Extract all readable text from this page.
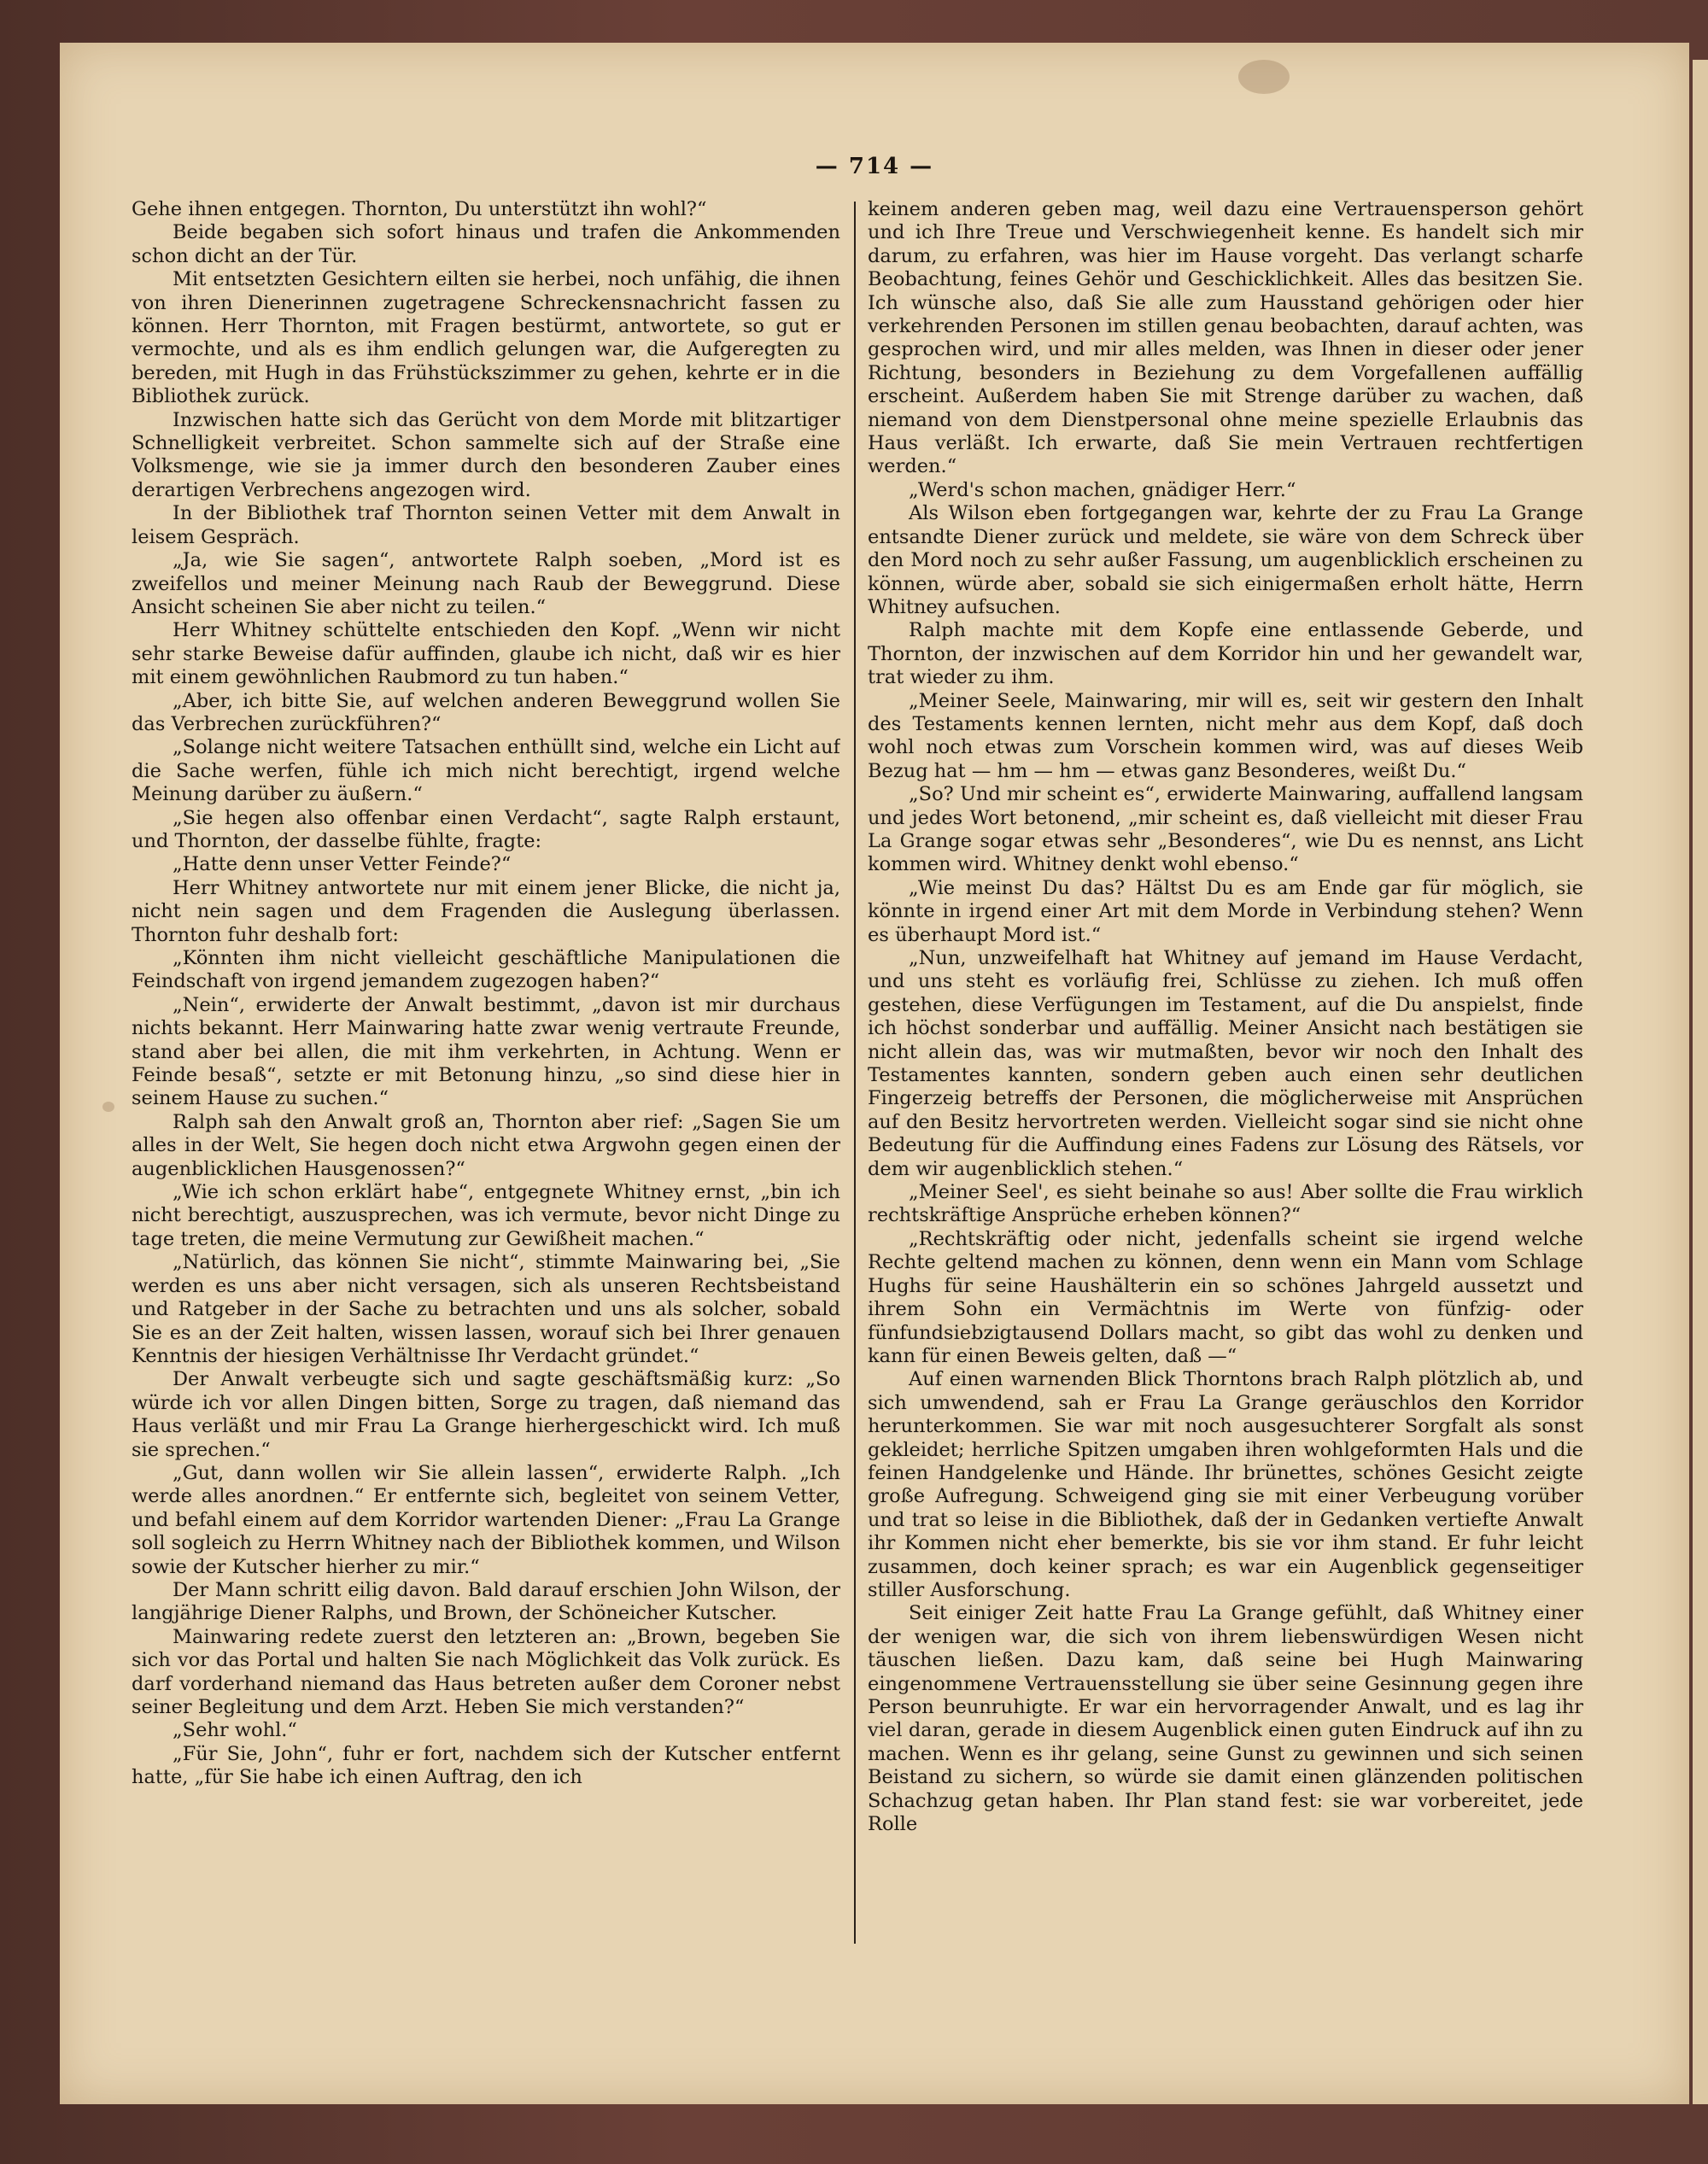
— 714 —

Gehe ihnen entgegen. Thornton, Du unterstützt ihn wohl?“

Beide begaben sich sofort hinaus und trafen die Ankommenden schon dicht an der Tür.

Mit entsetzten Gesichtern eilten sie herbei, noch unfähig, die ihnen von ihren Dienerinnen zugetragene Schreckensnachricht fassen zu können. Herr Thornton, mit Fragen bestürmt, antwortete, so gut er vermochte, und als es ihm endlich gelungen war, die Aufgeregten zu bereden, mit Hugh in das Frühstückszimmer zu gehen, kehrte er in die Bibliothek zurück.

Inzwischen hatte sich das Gerücht von dem Morde mit blitzartiger Schnelligkeit verbreitet. Schon sammelte sich auf der Straße eine Volksmenge, wie sie ja immer durch den besonderen Zauber eines derartigen Verbrechens angezogen wird.

In der Bibliothek traf Thornton seinen Vetter mit dem Anwalt in leisem Gespräch.

„Ja, wie Sie sagen“, antwortete Ralph soeben, „Mord ist es zweifellos und meiner Meinung nach Raub der Beweggrund. Diese Ansicht scheinen Sie aber nicht zu teilen.“

Herr Whitney schüttelte entschieden den Kopf. „Wenn wir nicht sehr starke Beweise dafür auffinden, glaube ich nicht, daß wir es hier mit einem gewöhnlichen Raubmord zu tun haben.“

„Aber, ich bitte Sie, auf welchen anderen Beweggrund wollen Sie das Verbrechen zurückführen?“

„Solange nicht weitere Tatsachen enthüllt sind, welche ein Licht auf die Sache werfen, fühle ich mich nicht berechtigt, irgend welche Meinung darüber zu äußern.“

„Sie hegen also offenbar einen Verdacht“, sagte Ralph erstaunt, und Thornton, der dasselbe fühlte, fragte:

„Hatte denn unser Vetter Feinde?“

Herr Whitney antwortete nur mit einem jener Blicke, die nicht ja, nicht nein sagen und dem Fragenden die Auslegung überlassen. Thornton fuhr deshalb fort:

„Könnten ihm nicht vielleicht geschäftliche Manipulationen die Feindschaft von irgend jemandem zugezogen haben?“

„Nein“, erwiderte der Anwalt bestimmt, „davon ist mir durchaus nichts bekannt. Herr Mainwaring hatte zwar wenig vertraute Freunde, stand aber bei allen, die mit ihm verkehrten, in Achtung. Wenn er Feinde besaß“, setzte er mit Betonung hinzu, „so sind diese hier in seinem Hause zu suchen.“

Ralph sah den Anwalt groß an, Thornton aber rief: „Sagen Sie um alles in der Welt, Sie hegen doch nicht etwa Argwohn gegen einen der augenblicklichen Hausgenossen?“

„Wie ich schon erklärt habe“, entgegnete Whitney ernst, „bin ich nicht berechtigt, auszusprechen, was ich vermute, bevor nicht Dinge zu tage treten, die meine Vermutung zur Gewißheit machen.“

„Natürlich, das können Sie nicht“, stimmte Mainwaring bei, „Sie werden es uns aber nicht versagen, sich als unseren Rechtsbeistand und Ratgeber in der Sache zu betrachten und uns als solcher, sobald Sie es an der Zeit halten, wissen lassen, worauf sich bei Ihrer genauen Kenntnis der hiesigen Verhältnisse Ihr Verdacht gründet.“

Der Anwalt verbeugte sich und sagte geschäftsmäßig kurz: „So würde ich vor allen Dingen bitten, Sorge zu tragen, daß niemand das Haus verläßt und mir Frau La Grange hierhergeschickt wird. Ich muß sie sprechen.“

„Gut, dann wollen wir Sie allein lassen“, erwiderte Ralph. „Ich werde alles anordnen.“ Er entfernte sich, begleitet von seinem Vetter, und befahl einem auf dem Korridor wartenden Diener: „Frau La Grange soll sogleich zu Herrn Whitney nach der Bibliothek kommen, und Wilson sowie der Kutscher hierher zu mir.“

Der Mann schritt eilig davon. Bald darauf erschien John Wilson, der langjährige Diener Ralphs, und Brown, der Schöneicher Kutscher.

Mainwaring redete zuerst den letzteren an: „Brown, begeben Sie sich vor das Portal und halten Sie nach Möglichkeit das Volk zurück. Es darf vorderhand niemand das Haus betreten außer dem Coroner nebst seiner Begleitung und dem Arzt. Heben Sie mich verstanden?“

„Sehr wohl.“

„Für Sie, John“, fuhr er fort, nachdem sich der Kutscher entfernt hatte, „für Sie habe ich einen Auftrag, den ich

keinem anderen geben mag, weil dazu eine Vertrauensperson gehört und ich Ihre Treue und Verschwiegenheit kenne. Es handelt sich mir darum, zu erfahren, was hier im Hause vorgeht. Das verlangt scharfe Beobachtung, feines Gehör und Geschicklichkeit. Alles das besitzen Sie. Ich wünsche also, daß Sie alle zum Hausstand gehörigen oder hier verkehrenden Personen im stillen genau beobachten, darauf achten, was gesprochen wird, und mir alles melden, was Ihnen in dieser oder jener Richtung, besonders in Beziehung zu dem Vorgefallenen auffällig erscheint. Außerdem haben Sie mit Strenge darüber zu wachen, daß niemand von dem Dienstpersonal ohne meine spezielle Erlaubnis das Haus verläßt. Ich erwarte, daß Sie mein Vertrauen rechtfertigen werden.“

„Werd's schon machen, gnädiger Herr.“

Als Wilson eben fortgegangen war, kehrte der zu Frau La Grange entsandte Diener zurück und meldete, sie wäre von dem Schreck über den Mord noch zu sehr außer Fassung, um augenblicklich erscheinen zu können, würde aber, sobald sie sich einigermaßen erholt hätte, Herrn Whitney aufsuchen.

Ralph machte mit dem Kopfe eine entlassende Geberde, und Thornton, der inzwischen auf dem Korridor hin und her gewandelt war, trat wieder zu ihm.

„Meiner Seele, Mainwaring, mir will es, seit wir gestern den Inhalt des Testaments kennen lernten, nicht mehr aus dem Kopf, daß doch wohl noch etwas zum Vorschein kommen wird, was auf dieses Weib Bezug hat — hm — hm — etwas ganz Besonderes, weißt Du.“

„So? Und mir scheint es“, erwiderte Mainwaring, auffallend langsam und jedes Wort betonend, „mir scheint es, daß vielleicht mit dieser Frau La Grange sogar etwas sehr „Besonderes“, wie Du es nennst, ans Licht kommen wird. Whitney denkt wohl ebenso.“

„Wie meinst Du das? Hältst Du es am Ende gar für möglich, sie könnte in irgend einer Art mit dem Morde in Verbindung stehen? Wenn es überhaupt Mord ist.“

„Nun, unzweifelhaft hat Whitney auf jemand im Hause Verdacht, und uns steht es vorläufig frei, Schlüsse zu ziehen. Ich muß offen gestehen, diese Verfügungen im Testament, auf die Du anspielst, finde ich höchst sonderbar und auffällig. Meiner Ansicht nach bestätigen sie nicht allein das, was wir mutmaßten, bevor wir noch den Inhalt des Testamentes kannten, sondern geben auch einen sehr deutlichen Fingerzeig betreffs der Personen, die möglicherweise mit Ansprüchen auf den Besitz hervortreten werden. Vielleicht sogar sind sie nicht ohne Bedeutung für die Auffindung eines Fadens zur Lösung des Rätsels, vor dem wir augenblicklich stehen.“

„Meiner Seel', es sieht beinahe so aus! Aber sollte die Frau wirklich rechtskräftige Ansprüche erheben können?“

„Rechtskräftig oder nicht, jedenfalls scheint sie irgend welche Rechte geltend machen zu können, denn wenn ein Mann vom Schlage Hughs für seine Haushälterin ein so schönes Jahrgeld aussetzt und ihrem Sohn ein Vermächtnis im Werte von fünfzig- oder fünfundsiebzigtausend Dollars macht, so gibt das wohl zu denken und kann für einen Beweis gelten, daß —“

Auf einen warnenden Blick Thorntons brach Ralph plötzlich ab, und sich umwendend, sah er Frau La Grange geräuschlos den Korridor herunterkommen. Sie war mit noch ausgesuchterer Sorgfalt als sonst gekleidet; herrliche Spitzen umgaben ihren wohlgeformten Hals und die feinen Handgelenke und Hände. Ihr brünettes, schönes Gesicht zeigte große Aufregung. Schweigend ging sie mit einer Verbeugung vorüber und trat so leise in die Bibliothek, daß der in Gedanken vertiefte Anwalt ihr Kommen nicht eher bemerkte, bis sie vor ihm stand. Er fuhr leicht zusammen, doch keiner sprach; es war ein Augenblick gegenseitiger stiller Ausforschung.

Seit einiger Zeit hatte Frau La Grange gefühlt, daß Whitney einer der wenigen war, die sich von ihrem liebenswürdigen Wesen nicht täuschen ließen. Dazu kam, daß seine bei Hugh Mainwaring eingenommene Vertrauensstellung sie über seine Gesinnung gegen ihre Person beunruhigte. Er war ein hervorragender Anwalt, und es lag ihr viel daran, gerade in diesem Augenblick einen guten Eindruck auf ihn zu machen. Wenn es ihr gelang, seine Gunst zu gewinnen und sich seinen Beistand zu sichern, so würde sie damit einen glänzenden politischen Schachzug getan haben. Ihr Plan stand fest: sie war vorbereitet, jede Rolle
